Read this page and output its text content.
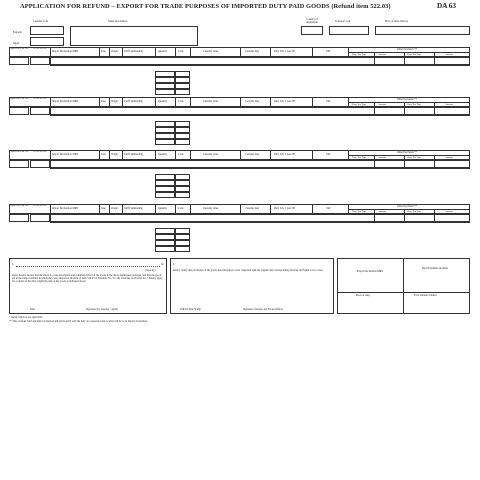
APPLICATION FOR REFUND – EXPORT FOR TRADE PURPOSES OF IMPORTED DUTY PAID GOODS (Refund item 522.03)	DA 63
Customs Code	Name and Address
Country of destination	Transport code	Place of final delivery
Exporter
Agent
Export Bill Line No.	DA 63 Ser No.
Import Declaration MRN	Line Origin Tariff Subheading	Quantity	Code	Customs value	Customs duty	Duty Sch. 1 part 2B	VAT
Other Payments **
Duty Tax Type	Amount	Duty Tax Type	Amount
Export Bill Line No.	DA 63 Ser No.
Import Declaration MRN	Line Origin Tariff Subheading	Quantity	Code	Customs value	Customs duty	Duty Sch. 1 part 2B	VAT
Other Payments **
Duty Tax Type	Amount	Duty Tax Type	Amount
Export Bill Line No.	DA 63 Ser No.
Import Declaration MRN	Line Origin Tariff Subheading	Quantity	Code	Customs value	Customs duty	Duty Sch. 1 part 2B	VAT
Other Payments **
Duty Tax Type	Amount	Duty Tax Type	Amount
Export Bill Line No.	DA 63 Ser No.
Import Declaration MRN	Line Origin Tariff Subheading	Quantity	Code	Customs value	Customs duty	Duty Sch. 1 part 2B	VAT
Other Payments **
Duty Tax Type	Amount	Duty Tax Type	Amount
I,	for
(capacity)
agent, hereby declare that the above is a true description and complete extract of the goods in the above mentioned packages, and that the goods are in the same condition in which they were imported. In terms of Item 522.03 of Schedule No. 5 to the Customs and Excise Act, I hereby apply for a refund of the duty originally paid on the goods as indicated above.
Date	Signature (by exporter / agent)
I,
hereby certify that particulars of the goods described above were compared with the original and corresponding invoices and found to be correct.
Official Date Stamp	Signature Customs and Excise Officer
Export Declaration MRN
DA 63 Number and Date
Place of entry	Total amount claimed
* Delete which is not applicable.
** This excludes VAT and must be inserted and (extra-paid) with the duty on a separate form to what will be to an import declaration.
